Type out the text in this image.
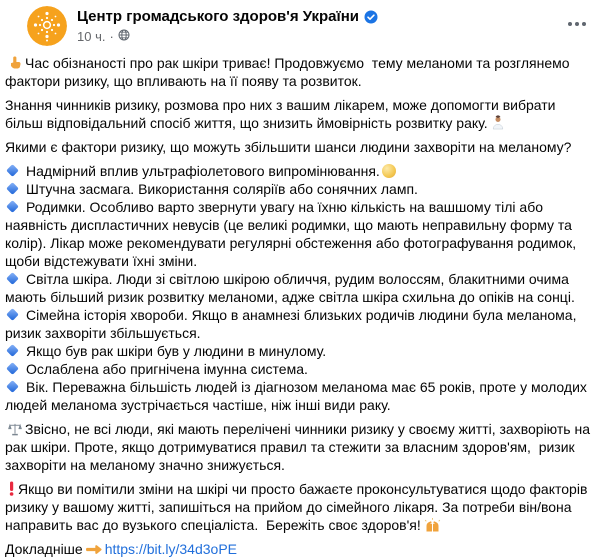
Центр громадського здоров'я України
10 ч. ·
Час обізнаності про рак шкіри триває! Продовжуємо  тему меланоми та розглянемо фактори ризику, що впливають на її появу та розвиток.
Знання чинників ризику, розмова про них з вашим лікарем, може допомогти вибрати більш відповідальний спосіб життя, що знизить ймовірність розвитку раку.
Якими є фактори ризику, що можуть збільшити шанси людини захворіти на меланому?
Надмірний вплив ультрафіолетового випромінювання.
Штучна засмага. Використання соляріїв або сонячних ламп.
Родимки. Особливо варто звернути увагу на їхню кількість на вашшому тілі або наявність диспластичних невусів (це великі родимки, що мають неправильну форму та колір). Лікар може рекомендувати регулярні обстеження або фотографування родимок, щоби відстежувати їхні зміни.
Світла шкіра. Люди зі світлою шкірою обличчя, рудим волоссям, блакитними очима мають більший ризик розвитку меланоми, адже світла шкіра схильна до опіків на сонці.
Сімейна історія хвороби. Якщо в анамнезі близьких родичів людини була меланома, ризик захворіти збільшується.
Якщо був рак шкіри був у людини в минулому.
Ослаблена або пригнічена імунна система.
Вік. Переважна більшість людей із діагнозом меланома має 65 років, проте у молодих людей меланома зустрічається частіше, ніж інші види раку.
Звісно, не всі люди, які мають перелічені чинники ризику у своєму житті, захворіють на рак шкіри. Проте, якщо дотримуватися правил та стежити за власним здоров'ям,  ризик захворіти на меланому значно знижується.
Якщо ви помітили зміни на шкірі чи просто бажаєте проконсультуватися щодо факторів ризику у вашому житті, запишіться на прийом до сімейного лікаря. За потреби він/вона направить вас до вузького спеціаліста.  Бережіть своє здоров'я!
Докладніше https://bit.ly/34d3oPE
